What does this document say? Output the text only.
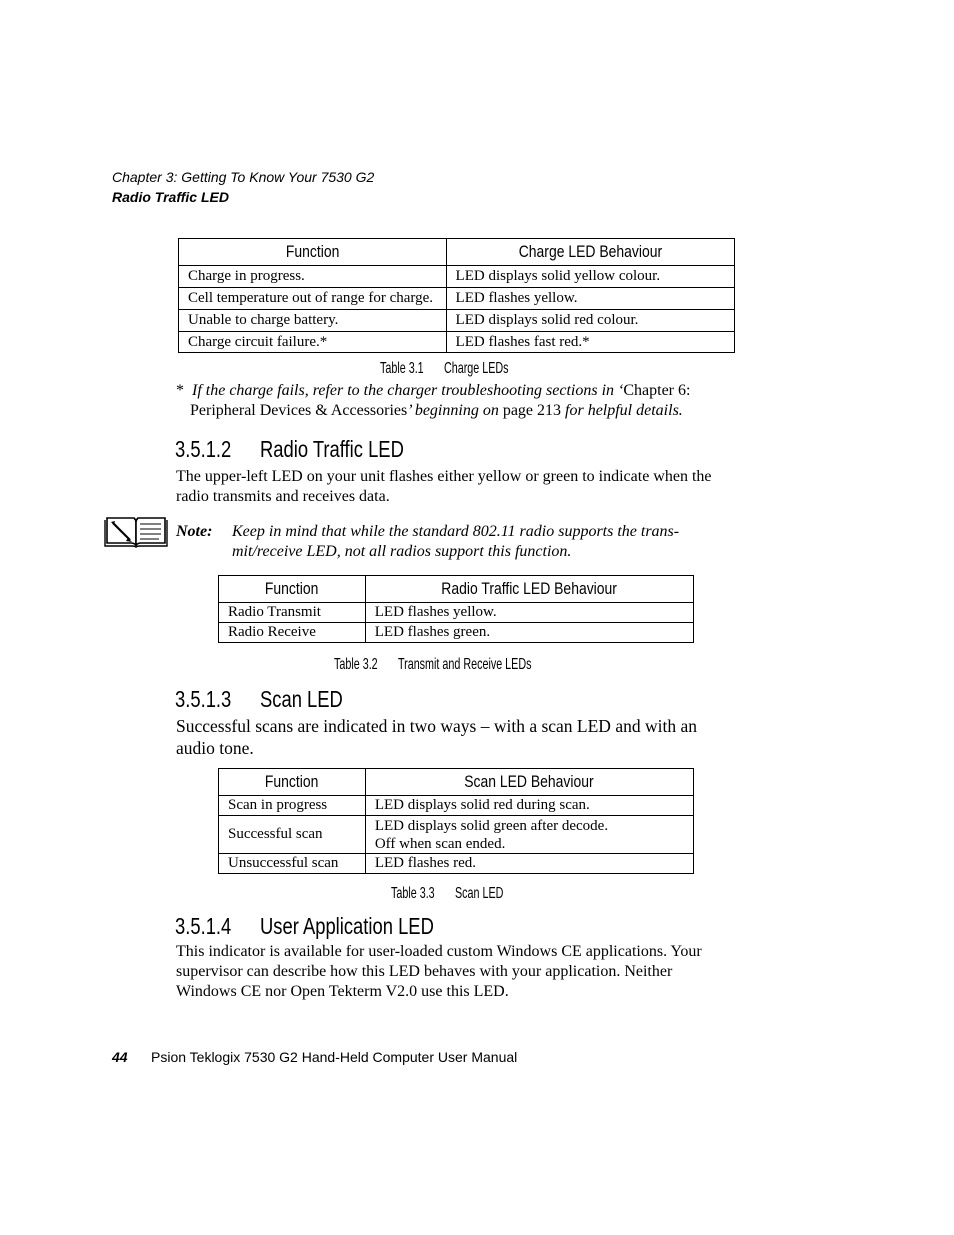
Chapter 3: Getting To Know Your 7530 G2
Radio Traffic LED
Function	Charge LED Behaviour
Charge in progress.	LED displays solid yellow colour.
Cell temperature out of range for charge.	LED flashes yellow.
Unable to charge battery.	LED displays solid red colour.
Charge circuit failure.*	LED flashes fast red.*
Table 3.1 Charge LEDs
* If the charge fails, refer to the charger troubleshooting sections in ‘Chapter 6:
Peripheral Devices & Accessories’ beginning on page 213 for helpful details.
3.5.1.2 Radio Traffic LED
The upper-left LED on your unit flashes either yellow or green to indicate when the
radio transmits and receives data.
Note: Keep in mind that while the standard 802.11 radio supports the trans-
mit/receive LED, not all radios support this function.
Function	Radio Traffic LED Behaviour
Radio Transmit	LED flashes yellow.
Radio Receive	LED flashes green.
Table 3.2 Transmit and Receive LEDs
3.5.1.3 Scan LED
Successful scans are indicated in two ways – with a scan LED and with an
audio tone.
Function	Scan LED Behaviour
Scan in progress	LED displays solid red during scan.
Successful scan	LED displays solid green after decode.
Off when scan ended.

Unsuccessful scan	LED flashes red.
Table 3.3 Scan LED
3.5.1.4 User Application LED
This indicator is available for user-loaded custom Windows CE applications. Your
supervisor can describe how this LED behaves with your application. Neither
Windows CE nor Open Tekterm V2.0 use this LED.
44 Psion Teklogix 7530 G2 Hand-Held Computer User Manual
